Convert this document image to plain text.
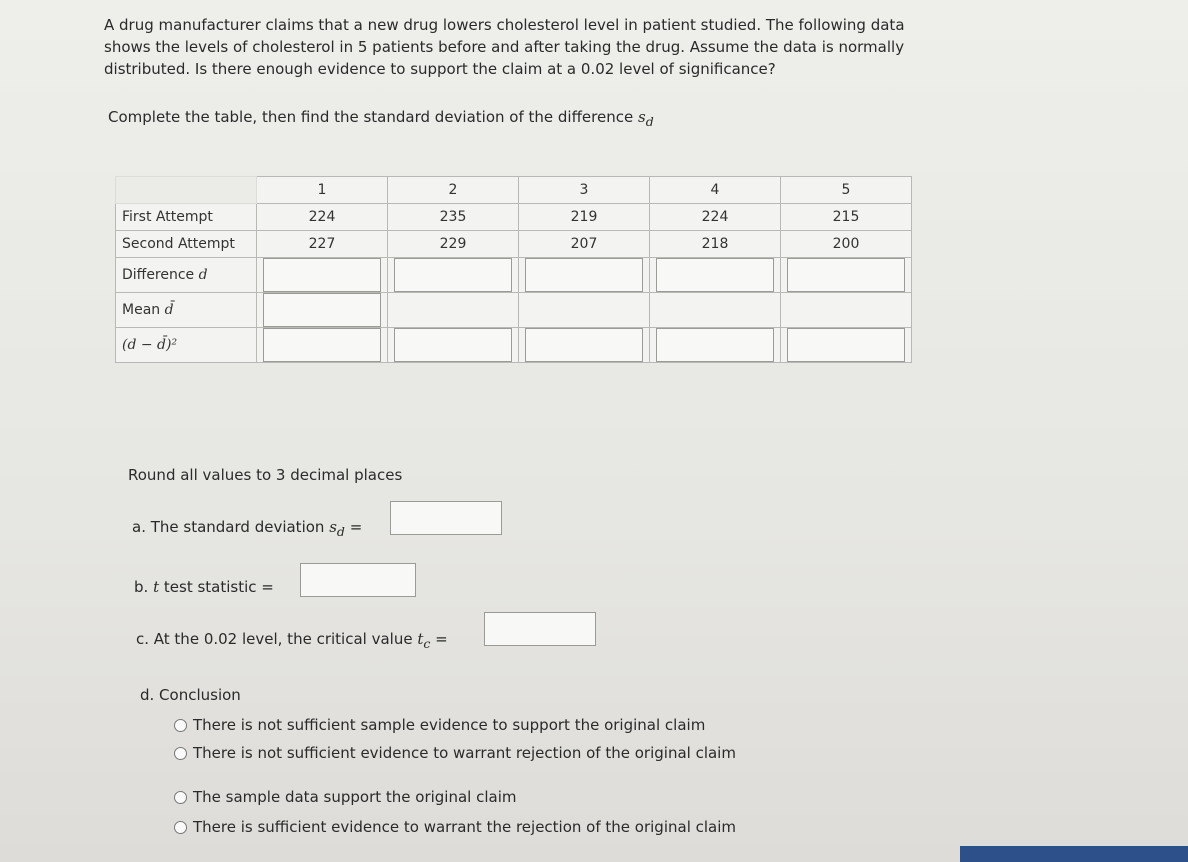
A drug manufacturer claims that a new drug lowers cholesterol level in patient studied. The following data shows the levels of cholesterol in 5 patients before and after taking the drug. Assume the data is normally distributed. Is there enough evidence to support the claim at a 0.02 level of significance?
Complete the table, then find the standard deviation of the difference $s_d$
	1	2	3	4	5
First Attempt	224	235	219	224	215
Second Attempt	227	229	207	218	200
Difference d	

Mean d̄	

(d − d̄)²	

Round all values to 3 decimal places
a. The standard deviation $s_d$ =
b. t test statistic =
c. At the 0.02 level, the critical value $t_c$ =
d. Conclusion
There is not sufficient sample evidence to support the original claim
There is not sufficient evidence to warrant rejection of the original claim
The sample data support the original claim
There is sufficient evidence to warrant the rejection of the original claim
